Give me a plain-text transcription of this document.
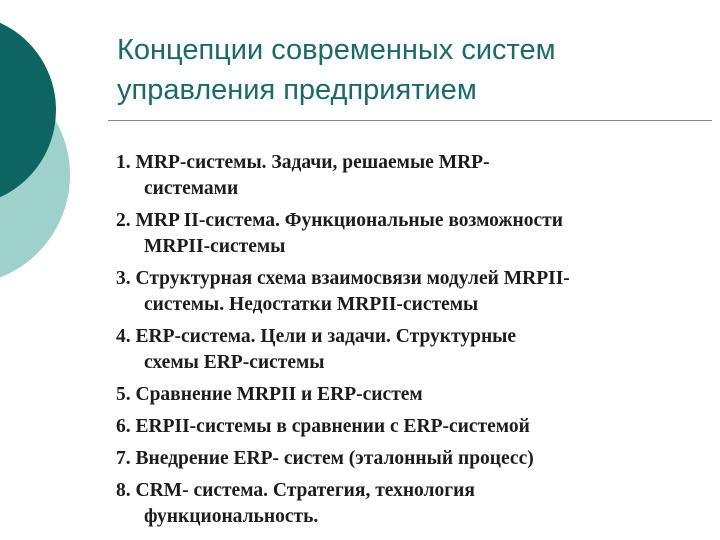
Концепции современных систем
управления предприятием
1. MRP-системы. Задачи, решаемые MRP-
системами
2. MRP II-система. Функциональные возможности
MRPII-системы
3. Структурная схема взаимосвязи модулей MRPII-
системы. Недостатки MRPII-системы
4. ERP-система. Цели и задачи. Структурные
схемы ERP-системы
5. Сравнение MRPII и ERP-систем
6. ERPII-системы в сравнении с ERP-системой
7. Внедрение ERP- систем (эталонный процесс)
8. CRM- система. Стратегия, технология
функциональность.
